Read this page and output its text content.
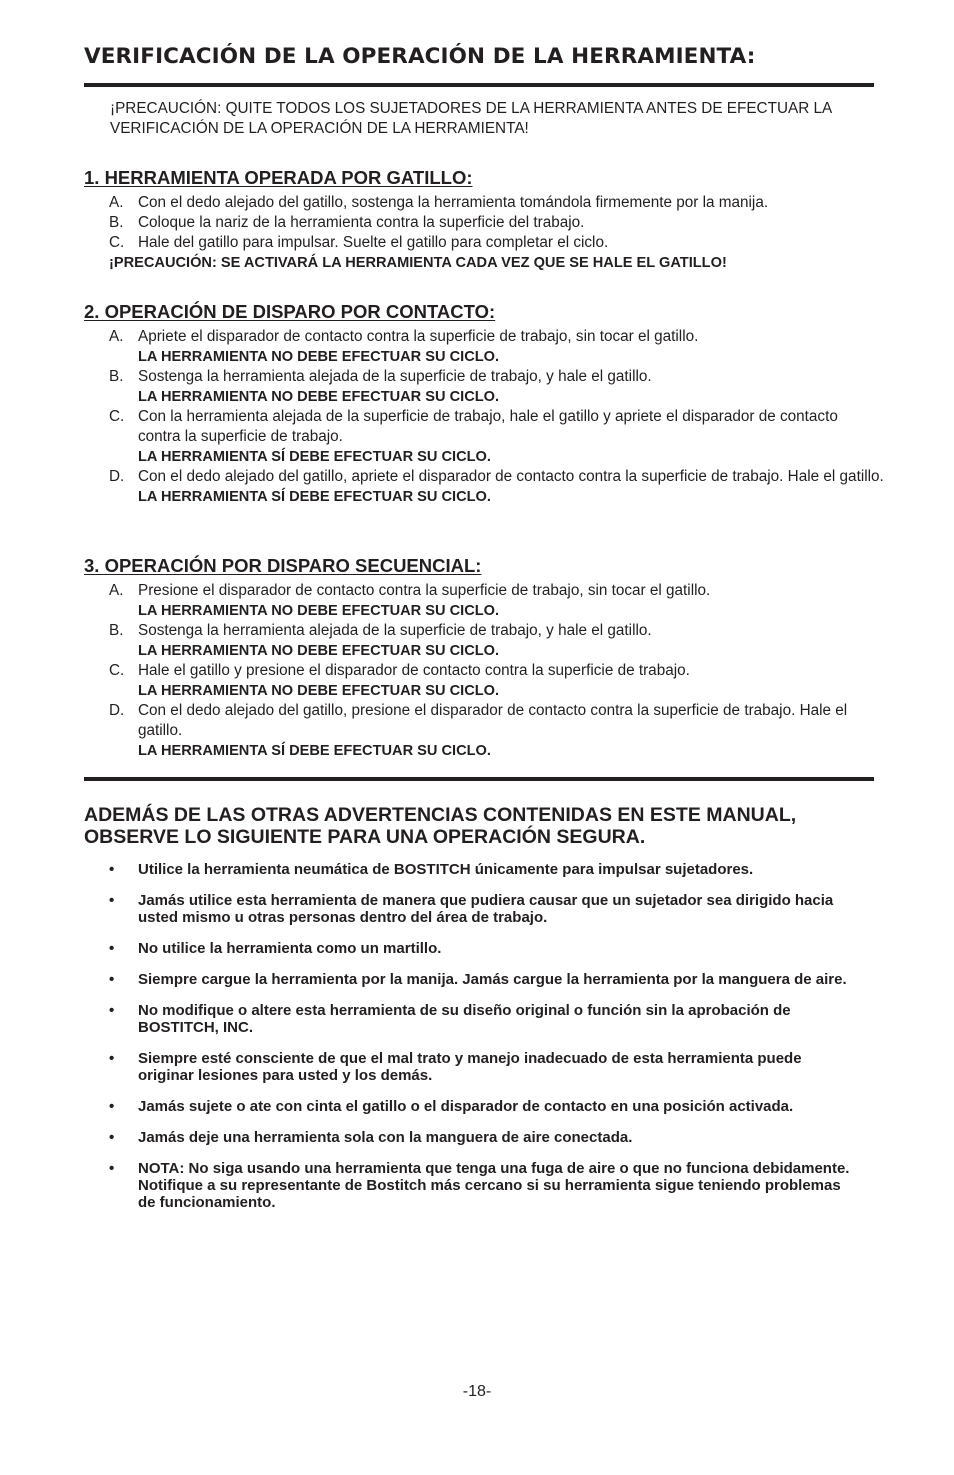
VERIFICACIÓN DE LA OPERACIÓN DE LA HERRAMIENTA:

¡PRECAUCIÓN: QUITE TODOS LOS SUJETADORES DE LA HERRAMIENTA ANTES DE EFECTUAR LA VERIFICACIÓN DE LA OPERACIÓN DE LA HERRAMIENTA!

1. HERRAMIENTA OPERADA POR GATILLO:
A. Con el dedo alejado del gatillo, sostenga la herramienta tomándola firmemente por la manija.
B. Coloque la nariz de la herramienta contra la superficie del trabajo.
C. Hale del gatillo para impulsar. Suelte el gatillo para completar el ciclo.
¡PRECAUCIÓN: SE ACTIVARÁ LA HERRAMIENTA CADA VEZ QUE SE HALE EL GATILLO!
2. OPERACIÓN DE DISPARO POR CONTACTO:
A. Apriete el disparador de contacto contra la superficie de trabajo, sin tocar el gatillo.
LA HERRAMIENTA NO DEBE EFECTUAR SU CICLO.
B. Sostenga la herramienta alejada de la superficie de trabajo, y hale el gatillo.
LA HERRAMIENTA NO DEBE EFECTUAR SU CICLO.
C. Con la herramienta alejada de la superficie de trabajo, hale el gatillo y apriete el disparador de contacto contra la superficie de trabajo.
LA HERRAMIENTA SÍ DEBE EFECTUAR SU CICLO.
D. Con el dedo alejado del gatillo, apriete el disparador de contacto contra la superficie de trabajo. Hale el gatillo.
LA HERRAMIENTA SÍ DEBE EFECTUAR SU CICLO.
3. OPERACIÓN POR DISPARO SECUENCIAL:
A. Presione el disparador de contacto contra la superficie de trabajo, sin tocar el gatillo.
LA HERRAMIENTA NO DEBE EFECTUAR SU CICLO.
B. Sostenga la herramienta alejada de la superficie de trabajo, y hale el gatillo.
LA HERRAMIENTA NO DEBE EFECTUAR SU CICLO.
C. Hale el gatillo y presione el disparador de contacto contra la superficie de trabajo.
LA HERRAMIENTA NO DEBE EFECTUAR SU CICLO.
D. Con el dedo alejado del gatillo, presione el disparador de contacto contra la superficie de trabajo. Hale el gatillo.
LA HERRAMIENTA SÍ DEBE EFECTUAR SU CICLO.
ADEMÁS DE LAS OTRAS ADVERTENCIAS CONTENIDAS EN ESTE MANUAL, OBSERVE LO SIGUIENTE PARA UNA OPERACIÓN SEGURA.
• Utilice la herramienta neumática de BOSTITCH únicamente para impulsar sujetadores.
• Jamás utilice esta herramienta de manera que pudiera causar que un sujetador sea dirigido hacia usted mismo u otras personas dentro del área de trabajo.
• No utilice la herramienta como un martillo.
• Siempre cargue la herramienta por la manija. Jamás cargue la herramienta por la manguera de aire.
• No modifique o altere esta herramienta de su diseño original o función sin la aprobación de BOSTITCH, INC.
• Siempre esté consciente de que el mal trato y manejo inadecuado de esta herramienta puede originar lesiones para usted y los demás.
• Jamás sujete o ate con cinta el gatillo o el disparador de contacto en una posición activada.
• Jamás deje una herramienta sola con la manguera de aire conectada.
• NOTA: No siga usando una herramienta que tenga una fuga de aire o que no funciona debidamente.
Notifique a su representante de Bostitch más cercano si su herramienta sigue teniendo problemas de funcionamiento.
-18-
